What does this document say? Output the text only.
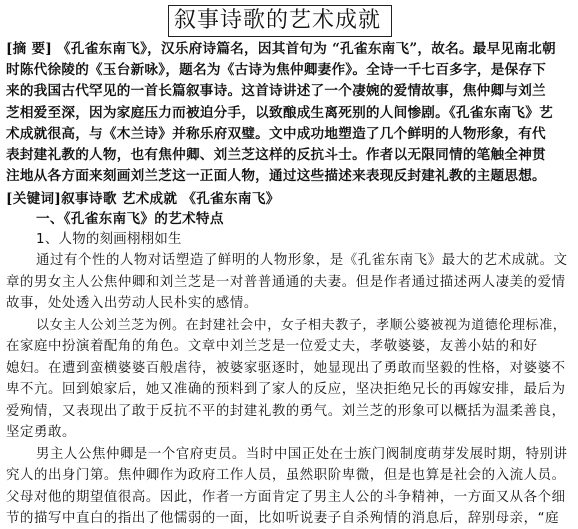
叙事诗歌的艺术成就
[摘 要] 《孔雀东南飞》，汉乐府诗篇名，因其首句为 “孔雀东南飞”，故名。最早见南北朝
时陈代徐陵的《玉台新咏》，题名为《古诗为焦仲卿妻作》。全诗一千七百多字，是保存下
来的我国古代罕见的一首长篇叙事诗。这首诗讲述了一个凄婉的爱情故事，焦仲卿与刘兰
芝相爱至深，因为家庭压力而被迫分手，以致酿成生离死别的人间惨剧。《孔雀东南飞》艺
术成就很高，与《木兰诗》并称乐府双璧。文中成功地塑造了几个鲜明的人物形象，有代
表封建礼教的人物，也有焦仲卿、刘兰芝这样的反抗斗士。作者以无限同情的笔触全神贯
注地从各方面来刻画刘兰芝这一正面人物，通过这些描述来表现反封建礼教的主题思想。
[关键词]叙事诗歌 艺术成就 《孔雀东南飞》
一、《孔雀东南飞》的艺术特点
1、人物的刻画栩栩如生
通过有个性的人物对话塑造了鲜明的人物形象，是《孔雀东南飞》最大的艺术成就。文
章的男女主人公焦仲卿和刘兰芝是一对普普通通的夫妻。但是作者通过描述两人凄美的爱情
故事，处处透入出劳动人民朴实的感情。
以女主人公刘兰芝为例。在封建社会中，女子相夫教子，孝顺公婆被视为道德伦理标准，
在家庭中扮演着配角的角色。文章中刘兰芝是一位爱丈夫，孝敬婆婆，友善小姑的和好
媳妇。在遭到蛮横婆婆百般虐待，被婆家驱逐时，她显现出了勇敢而坚毅的性格，对婆婆不
卑不亢。回到娘家后，她又准确的预料到了家人的反应，坚决拒绝兄长的再嫁安排，最后为
爱殉情，又表现出了敢于反抗不平的封建礼教的勇气。刘兰芝的形象可以概括为温柔善良，
坚定勇敢。
男主人公焦仲卿是一个官府吏员。当时中国正处在士族门阀制度萌芽发展时期，特别讲
究人的出身门第。焦仲卿作为政府工作人员，虽然职阶卑微，但是也算是社会的入流人员。
父母对他的期望值很高。因此，作者一方面肯定了男主人公的斗争精神，一方面又从各个细
节的描写中直白的指出了他懦弱的一面，比如听说妻子自杀殉情的消息后，辞别母亲，“庭
